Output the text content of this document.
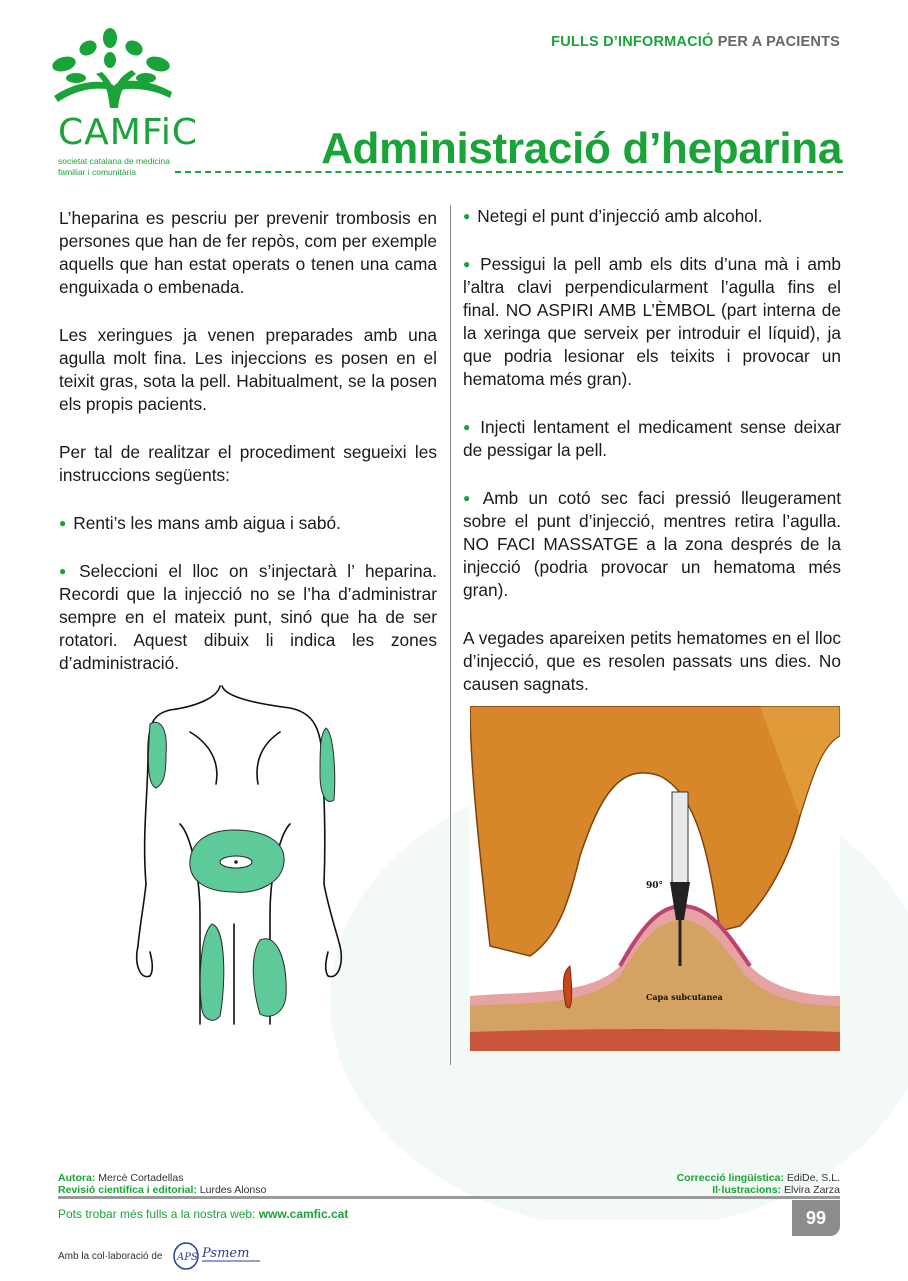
FULLS D’INFORMACIÓ PER A PACIENTS
CAMFiC
societat catalana de medicina
familiar i comunitària	Administració d’heparina

L’heparina es pescriu per prevenir trombosis en persones que han de fer repòs, com per exemple aquells que han estat operats o tenen una cama enguixada o embenada.

Les xeringues ja venen preparades amb una agulla molt fina. Les injeccions es posen en el teixit gras, sota la pell. Habitualment, se la posen els propis pacients.

Per tal de realitzar el procediment segueixi les instruccions següents:

● Renti’s les mans amb aigua i sabó.

● Seleccioni el lloc on s’injectarà l’ heparina. Recordi que la injecció no se l’ha d’administrar sempre en el mateix punt, sinó que ha de ser rotatori. Aquest dibuix li indica les zones d’administració.

● Netegi el punt d’injecció amb alcohol.

● Pessigui la pell amb els dits d’una mà i amb l’altra clavi perpendicularment l’agulla fins el final. NO ASPIRI AMB L’ÈMBOL (part interna de la xeringa que serveix per introduir el líquid), ja que podria lesionar els teixits i provocar un hematoma més gran).

● Injecti lentament el medicament sense deixar de pessigar la pell.

● Amb un cotó sec faci pressió lleugerament sobre el punt d’injecció, mentres retira l’agulla. NO FACI MASSATGE a la zona després de la injecció (podria provocar un hematoma més gran).

A vegades apareixen petits hematomes en el lloc d’injecció, que es resolen passats uns dies. No causen sagnats.

90°
Capa subcutanea
Autora: Mercè Cortadellas
Revisió científica i editorial: Lurdes Alonso
Correcció lingüística: EdiDe, S.L.
Il·lustracions: Elvira Zarza
Pots trobar més fulls a la nostra web: www.camfic.cat	99
Amb la col·laboració de APS Psmem
